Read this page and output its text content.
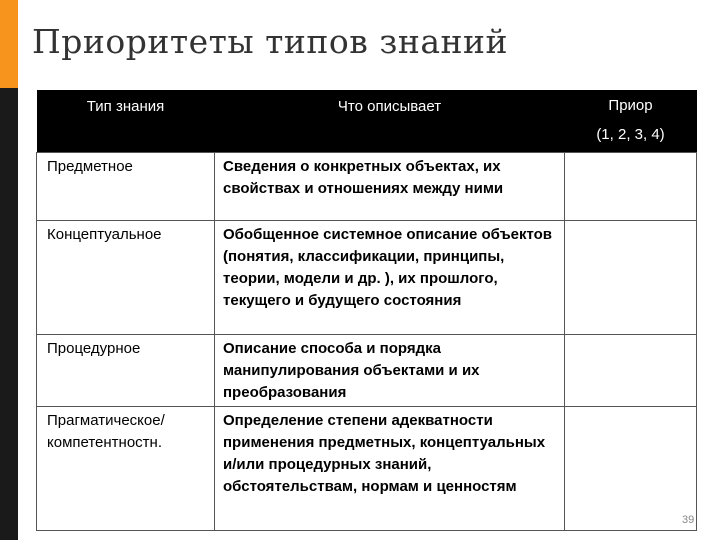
Приоритеты типов знаний
Тип знания	Что описывает	Приор
(1, 2, 3, 4)

Предметное	Сведения о конкретных объектах, их свойствах и отношениях между ними	
Концептуальное	Обобщенное системное описание объектов (понятия, классификации, принципы, теории, модели и др. ), их прошлого, текущего и будущего состояния	
Процедурное	Описание способа и порядка манипулирования объектами и их преобразования	
Прагматическое/ компетентностн.	Определение степени адекватности применения предметных, концептуальных и/или процедурных знаний, обстоятельствам, нормам и ценностям	
39
